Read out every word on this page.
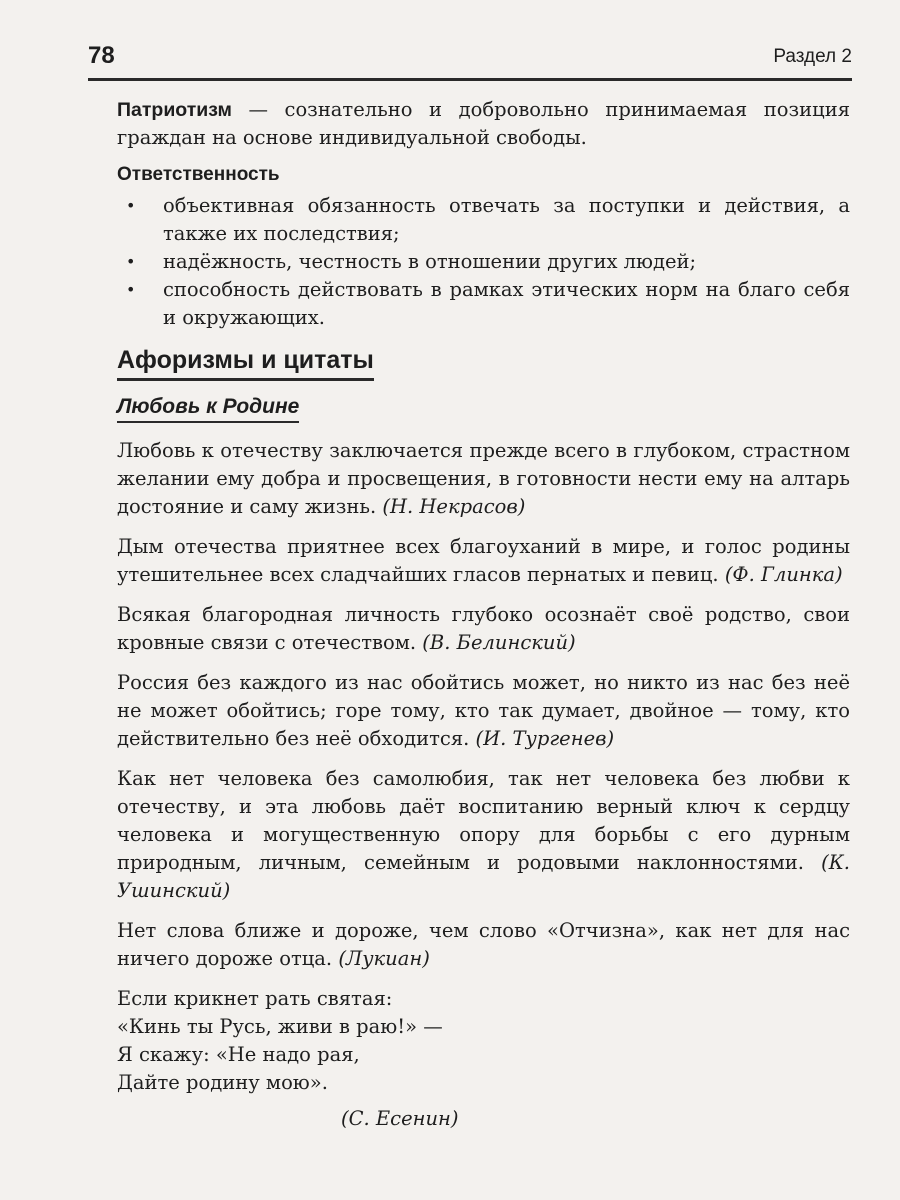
78	Раздел 2

Патриотизм — сознательно и добровольно принимаемая позиция граждан на основе индивидуальной свободы.

Ответственность
• объективная обязанность отвечать за поступки и действия, а также их последствия;
• надёжность, честность в отношении других людей;
• способность действовать в рамках этических норм на благо себя и окружающих.
Афоризмы и цитаты
Любовь к Родине

Любовь к отечеству заключается прежде всего в глубоком, страстном желании ему добра и просвещения, в готовности нести ему на алтарь достояние и саму жизнь. (Н. Некрасов)

Дым отечества приятнее всех благоуханий в мире, и голос родины утешительнее всех сладчайших гласов пернатых и певиц. (Ф. Глинка)

Всякая благородная личность глубоко осознаёт своё родство, свои кровные связи с отечеством. (В. Белинский)

Россия без каждого из нас обойтись может, но никто из нас без неё не может обойтись; горе тому, кто так думает, двойное — тому, кто действительно без неё обходится. (И. Тургенев)

Как нет человека без самолюбия, так нет человека без любви к отечеству, и эта любовь даёт воспитанию верный ключ к сердцу человека и могущественную опору для борьбы с его дурным природным, личным, семейным и родовыми наклонностями. (К. Ушинский)

Нет слова ближе и дороже, чем слово «Отчизна», как нет для нас ничего дороже отца. (Лукиан)

Если крикнет рать святая:

«Кинь ты Русь, живи в раю!» —

Я скажу: «Не надо рая,

Дайте родину мою».

(С. Есенин)
